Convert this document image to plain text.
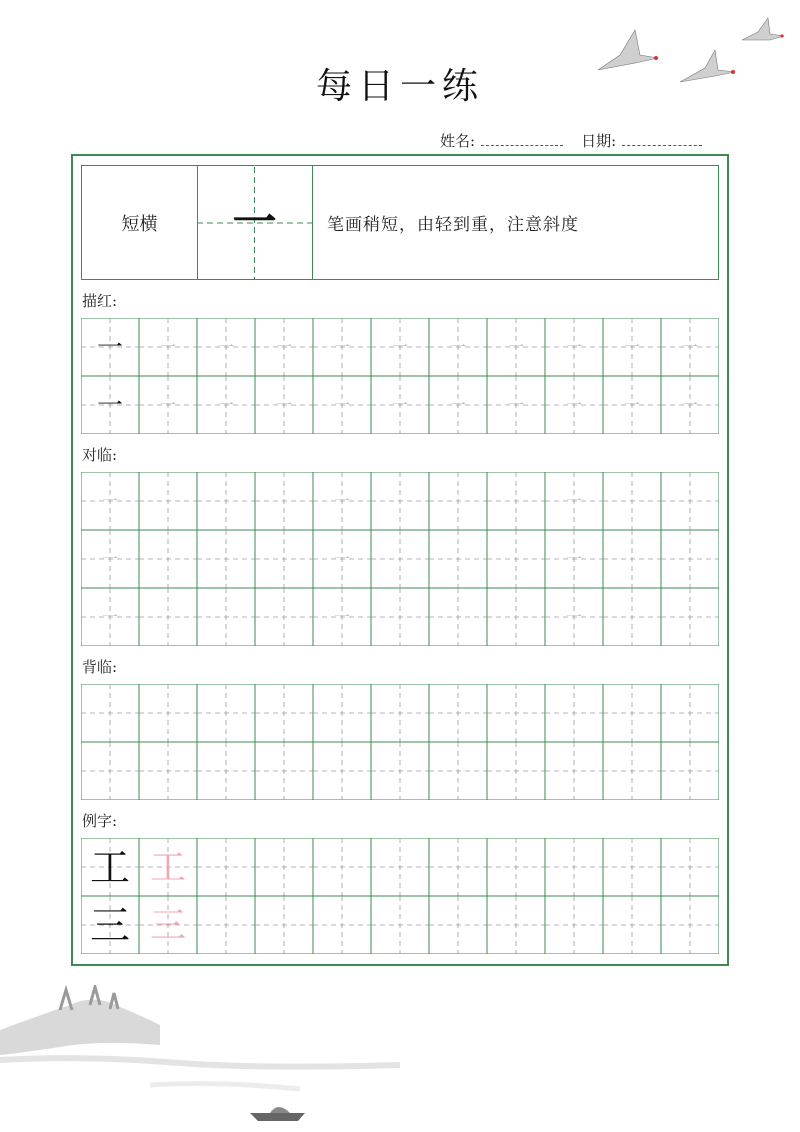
每日一练
姓名:	日期:
短横	一	笔画稍短，由轻到重，注意斜度
描红:
一 一	一	一	一	一	一	一	一	一	一
一 一	一	一	一	一	一	一	一	一	一
对临:
一	一	一
一	一	一
一	一	一
背临:
例字:
工 工
三 三
